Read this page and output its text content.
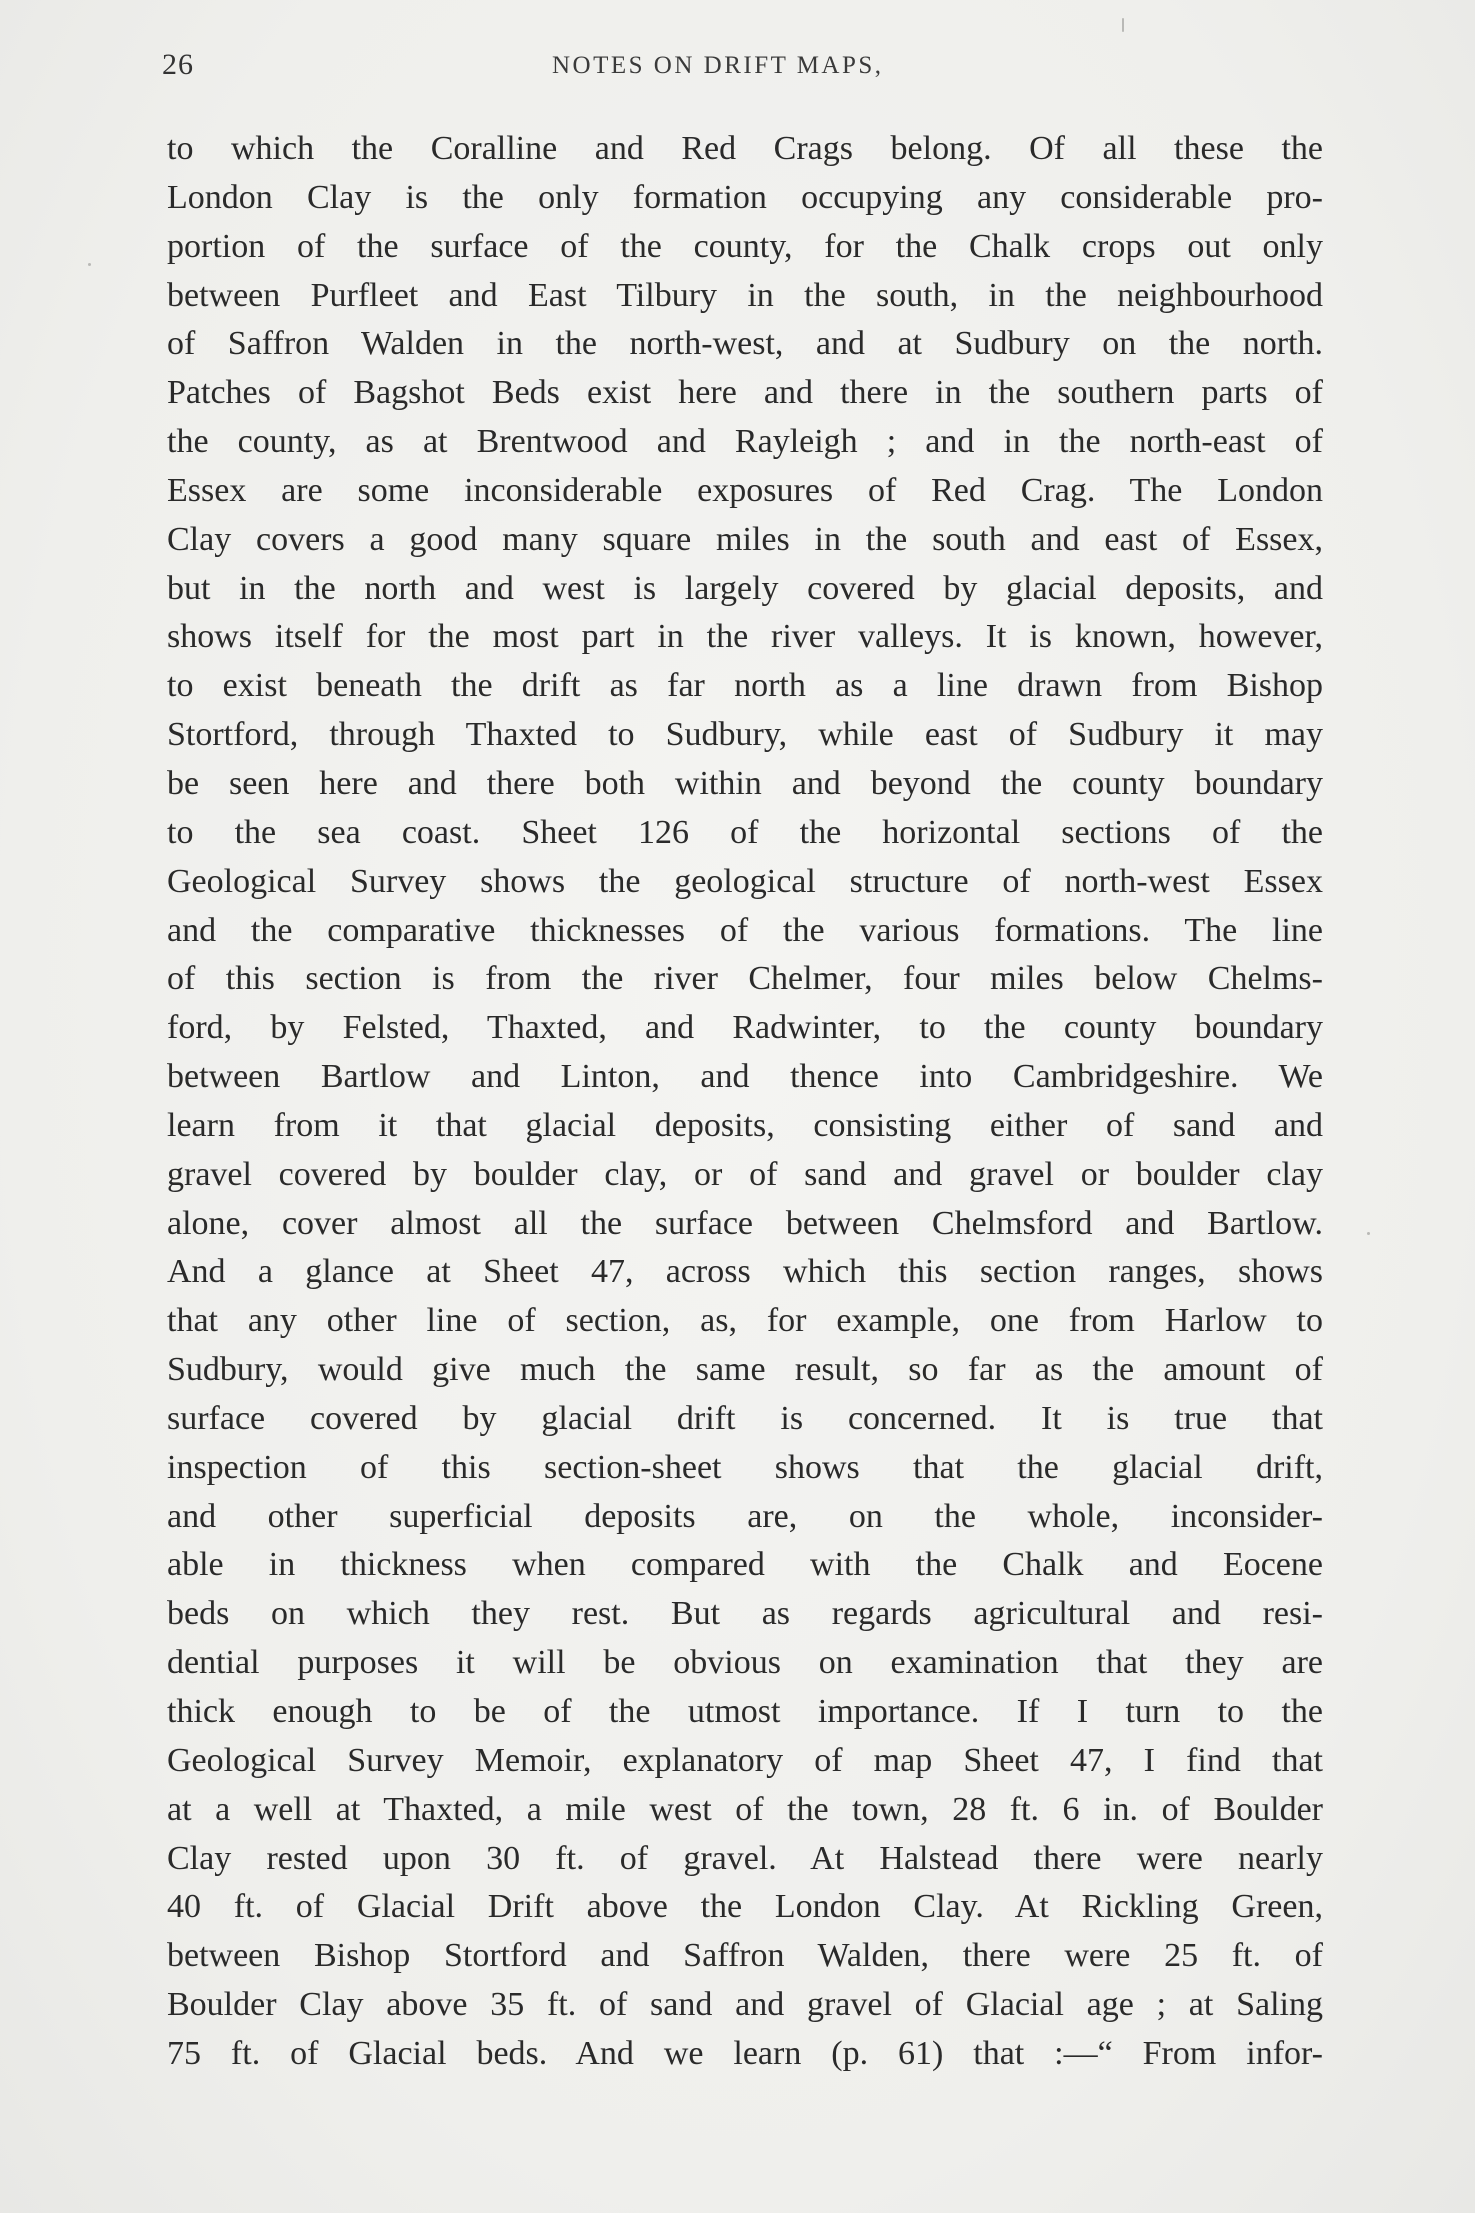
26	NOTES ON DRIFT MAPS,
to which the Coralline and Red Crags belong. Of all these the
London Clay is the only formation occupying any considerable pro-
portion of the surface of the county, for the Chalk crops out only
between Purfleet and East Tilbury in the south, in the neighbourhood
of Saffron Walden in the north-west, and at Sudbury on the north.
Patches of Bagshot Beds exist here and there in the southern parts of
the county, as at Brentwood and Rayleigh ; and in the north-east of
Essex are some inconsiderable exposures of Red Crag. The London
Clay covers a good many square miles in the south and east of Essex,
but in the north and west is largely covered by glacial deposits, and
shows itself for the most part in the river valleys. It is known, however,
to exist beneath the drift as far north as a line drawn from Bishop
Stortford, through Thaxted to Sudbury, while east of Sudbury it may
be seen here and there both within and beyond the county boundary
to the sea coast. Sheet 126 of the horizontal sections of the
Geological Survey shows the geological structure of north-west Essex
and the comparative thicknesses of the various formations. The line
of this section is from the river Chelmer, four miles below Chelms-
ford, by Felsted, Thaxted, and Radwinter, to the county boundary
between Bartlow and Linton, and thence into Cambridgeshire. We
learn from it that glacial deposits, consisting either of sand and
gravel covered by boulder clay, or of sand and gravel or boulder clay
alone, cover almost all the surface between Chelmsford and Bartlow.
And a glance at Sheet 47, across which this section ranges, shows
that any other line of section, as, for example, one from Harlow to
Sudbury, would give much the same result, so far as the amount of
surface covered by glacial drift is concerned. It is true that
inspection of this section-sheet shows that the glacial drift,
and other superficial deposits are, on the whole, inconsider-
able in thickness when compared with the Chalk and Eocene
beds on which they rest. But as regards agricultural and resi-
dential purposes it will be obvious on examination that they are
thick enough to be of the utmost importance. If I turn to the
Geological Survey Memoir, explanatory of map Sheet 47, I find that
at a well at Thaxted, a mile west of the town, 28 ft. 6 in. of Boulder
Clay rested upon 30 ft. of gravel. At Halstead there were nearly
40 ft. of Glacial Drift above the London Clay. At Rickling Green,
between Bishop Stortford and Saffron Walden, there were 25 ft. of
Boulder Clay above 35 ft. of sand and gravel of Glacial age ; at Saling
75 ft. of Glacial beds. And we learn (p. 61) that :—“ From infor-
